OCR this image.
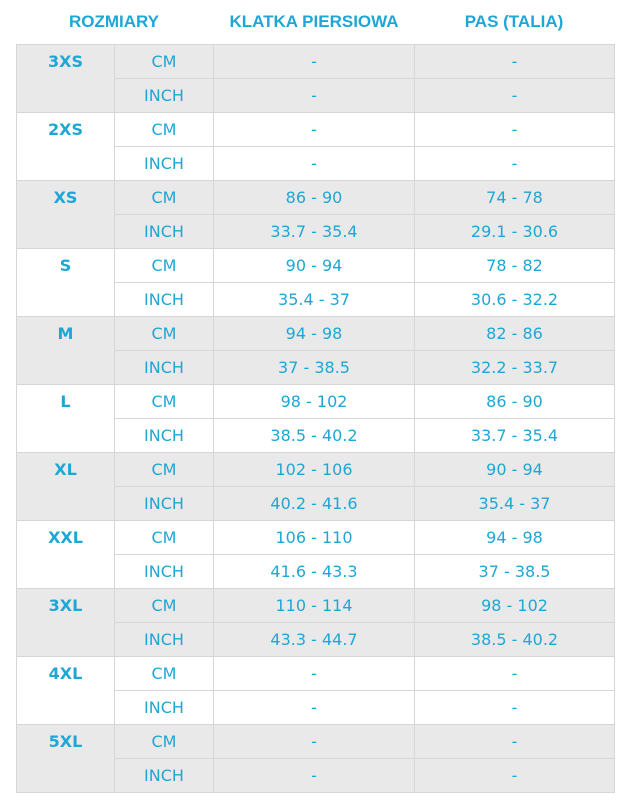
ROZMIARY	KLATKA PIERSIOWA	PAS (TALIA)
3XS	CM	-	-
	INCH	-	-
2XS	CM	-	-
	INCH	-	-
XS	CM	86 - 90	74 - 78
	INCH	33.7 - 35.4	29.1 - 30.6
S	CM	90 - 94	78 - 82
	INCH	35.4 - 37	30.6 - 32.2
M	CM	94 - 98	82 - 86
	INCH	37 - 38.5	32.2 - 33.7
L	CM	98 - 102	86 - 90
	INCH	38.5 - 40.2	33.7 - 35.4
XL	CM	102 - 106	90 - 94
	INCH	40.2 - 41.6	35.4 - 37
XXL	CM	106 - 110	94 - 98
	INCH	41.6 - 43.3	37 - 38.5
3XL	CM	110 - 114	98 - 102
	INCH	43.3 - 44.7	38.5 - 40.2
4XL	CM	-	-
	INCH	-	-
5XL	CM	-	-
	INCH	-	-
